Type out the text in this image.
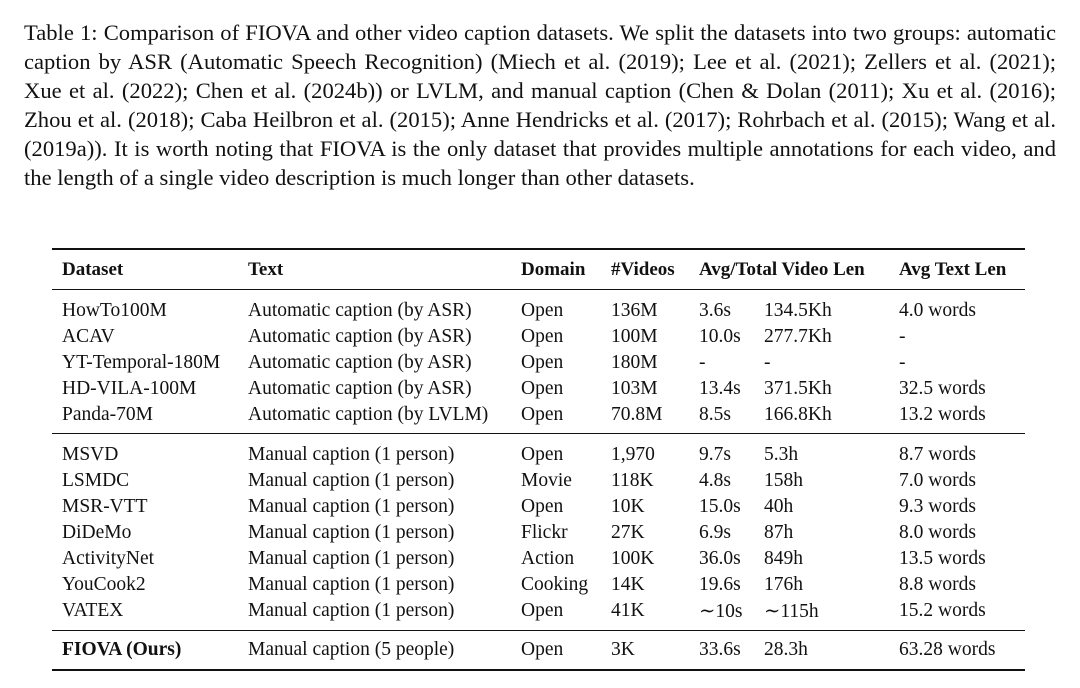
Table 1: Comparison of FIOVA and other video caption datasets. We split the datasets into two groups: automatic caption by ASR (Automatic Speech Recognition) (Miech et al. (2019); Lee et al. (2021); Zellers et al. (2021); Xue et al. (2022); Chen et al. (2024b)) or LVLM, and manual caption (Chen & Dolan (2011); Xu et al. (2016); Zhou et al. (2018); Caba Heilbron et al. (2015); Anne Hendricks et al. (2017); Rohrbach et al. (2015); Wang et al. (2019a)). It is worth noting that FIOVA is the only dataset that provides multiple annotations for each video, and the length of a single video description is much longer than other datasets.
Dataset	Text	Domain	#Videos	Avg/Total Video Len		Avg Text Len
HowTo100M	Automatic caption (by ASR)	Open	136M	3.6s	134.5Kh	4.0 words
ACAV	Automatic caption (by ASR)	Open	100M	10.0s	277.7Kh	-
YT-Temporal-180M	Automatic caption (by ASR)	Open	180M	-	-	-
HD-VILA-100M	Automatic caption (by ASR)	Open	103M	13.4s	371.5Kh	32.5 words
Panda-70M	Automatic caption (by LVLM)	Open	70.8M	8.5s	166.8Kh	13.2 words
MSVD	Manual caption (1 person)	Open	1,970	9.7s	5.3h	8.7 words
LSMDC	Manual caption (1 person)	Movie	118K	4.8s	158h	7.0 words
MSR-VTT	Manual caption (1 person)	Open	10K	15.0s	40h	9.3 words
DiDeMo	Manual caption (1 person)	Flickr	27K	6.9s	87h	8.0 words
ActivityNet	Manual caption (1 person)	Action	100K	36.0s	849h	13.5 words
YouCook2	Manual caption (1 person)	Cooking	14K	19.6s	176h	8.8 words
VATEX	Manual caption (1 person)	Open	41K	∼10s	∼115h	15.2 words
FIOVA (Ours)	Manual caption (5 people)	Open	3K	33.6s	28.3h	63.28 words
